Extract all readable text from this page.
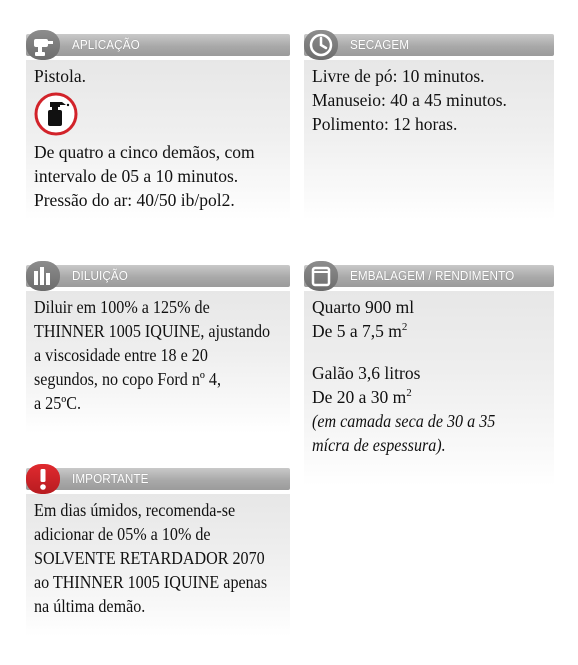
APLICAÇÃO
Pistola.
De quatro a cinco demãos, com
intervalo de 05 a 10 minutos.
Pressão do ar: 40/50 ib/pol2.
SECAGEM
Livre de pó: 10 minutos.
Manuseio: 40 a 45 minutos.
Polimento: 12 horas.
DILUIÇÃO
Diluir em 100% a 125% de
THINNER 1005 IQUINE, ajustando
a viscosidade entre 18 e 20
segundos, no copo Ford nº 4,
a 25ºC.
EMBALAGEM / RENDIMENTO
Quarto 900 ml
De 5 a 7,5 $m^2$
Galão 3,6 litros
De 20 a 30 $m^2$
(em camada seca de 30 a 35
mícra de espessura).
IMPORTANTE
Em dias úmidos, recomenda-se
adicionar de 05% a 10% de
SOLVENTE RETARDADOR 2070
ao THINNER 1005 IQUINE apenas
na última demão.
